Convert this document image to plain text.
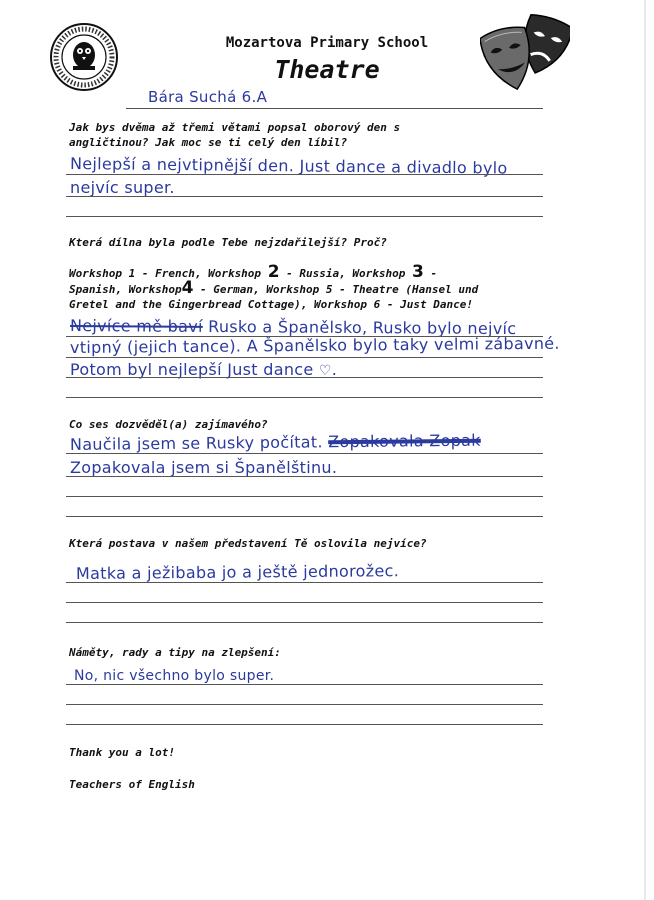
Mozartova Primary School
Theatre
Bára Suchá 6.A
Jak bys dvěma až třemi větami popsal oborový den s
angličtinou? Jak moc se ti celý den líbil?
Nejlepší a nejvtipnější den. Just dance a divadlo bylo
nejvíc super.
Která dílna byla podle Tebe nejzdařilejší? Proč?
Workshop 1 - French, Workshop 2 - Russia, Workshop 3 -
Spanish, Workshop4 - German, Workshop 5 - Theatre (Hansel und
Gretel and the Gingerbread Cottage), Workshop 6 - Just Dance!
Nejvíce mě baví Rusko a Španělsko, Rusko bylo nejvíc
vtipný (jejich tance). A Španělsko bylo taky velmi zábavné.
Potom byl nejlepší Just dance ♡.
Co ses dozvěděl(a) zajímavého?
Naučila jsem se Rusky počítat. Zopakovala Zopak
Zopakovala jsem si Španělštinu.
Která postava v našem představení Tě oslovila nejvíce?
Matka a ježibaba jo a ještě jednorožec.
Náměty, rady a tipy na zlepšení:
No, nic všechno bylo super.
Thank you a lot!
Teachers of English
